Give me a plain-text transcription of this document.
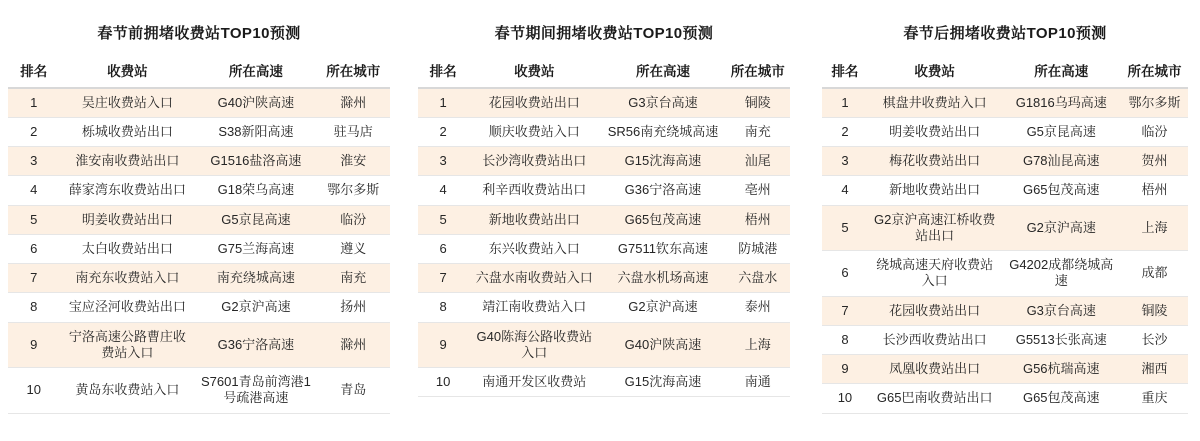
春节前拥堵收费站TOP10预测
排名	收费站	所在高速	所在城市
1	吴庄收费站入口	G40沪陕高速	滁州
2	栎城收费站出口	S38新阳高速	驻马店
3	淮安南收费站出口	G1516盐洛高速	淮安
4	薛家湾东收费站出口	G18荣乌高速	鄂尔多斯
5	明姜收费站出口	G5京昆高速	临汾
6	太白收费站出口	G75兰海高速	遵义
7	南充东收费站入口	南充绕城高速	南充
8	宝应泾河收费站出口	G2京沪高速	扬州
9	宁洛高速公路曹庄收费站入口	G36宁洛高速	滁州
10	黄岛东收费站入口	S7601青岛前湾港1号疏港高速	青岛
春节期间拥堵收费站TOP10预测
排名	收费站	所在高速	所在城市
1	花园收费站出口	G3京台高速	铜陵
2	顺庆收费站入口	SR56南充绕城高速	南充
3	长沙湾收费站出口	G15沈海高速	汕尾
4	利辛西收费站出口	G36宁洛高速	亳州
5	新地收费站出口	G65包茂高速	梧州
6	东兴收费站入口	G7511钦东高速	防城港
7	六盘水南收费站入口	六盘水机场高速	六盘水
8	靖江南收费站入口	G2京沪高速	泰州
9	G40陈海公路收费站入口	G40沪陕高速	上海
10	南通开发区收费站	G15沈海高速	南通
春节后拥堵收费站TOP10预测
排名	收费站	所在高速	所在城市
1	棋盘井收费站入口	G1816乌玛高速	鄂尔多斯
2	明姜收费站出口	G5京昆高速	临汾
3	梅花收费站出口	G78汕昆高速	贺州
4	新地收费站出口	G65包茂高速	梧州
5	G2京沪高速江桥收费站出口	G2京沪高速	上海
6	绕城高速天府收费站入口	G4202成都绕城高速	成都
7	花园收费站出口	G3京台高速	铜陵
8	长沙西收费站出口	G5513长张高速	长沙
9	凤凰收费站出口	G56杭瑞高速	湘西
10	G65巴南收费站出口	G65包茂高速	重庆
